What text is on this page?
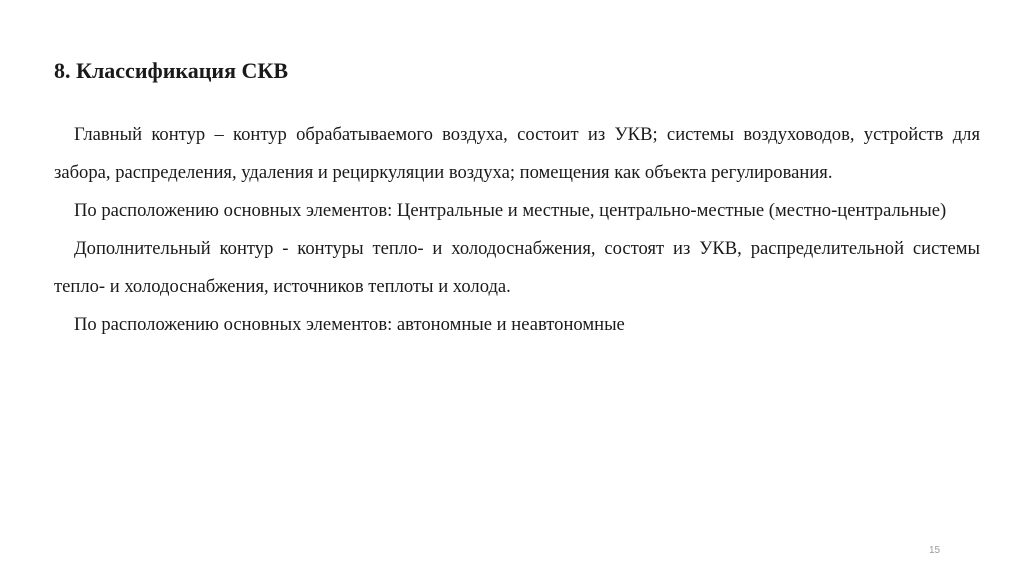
8. Классификация СКВ

Главный контур – контур обрабатываемого воздуха, состоит из УКВ; системы воздуховодов, устройств для забора, распределения, удаления и рециркуляции воздуха; помещения как объекта регулирования.

По расположению основных элементов: Центральные и местные, центрально-местные (местно-центральные)

Дополнительный контур - контуры тепло- и холодоснабжения, состоят из УКВ, распределительной системы тепло- и холодоснабжения, источников теплоты и холода.

По расположению основных элементов: автономные и неавтономные

15
